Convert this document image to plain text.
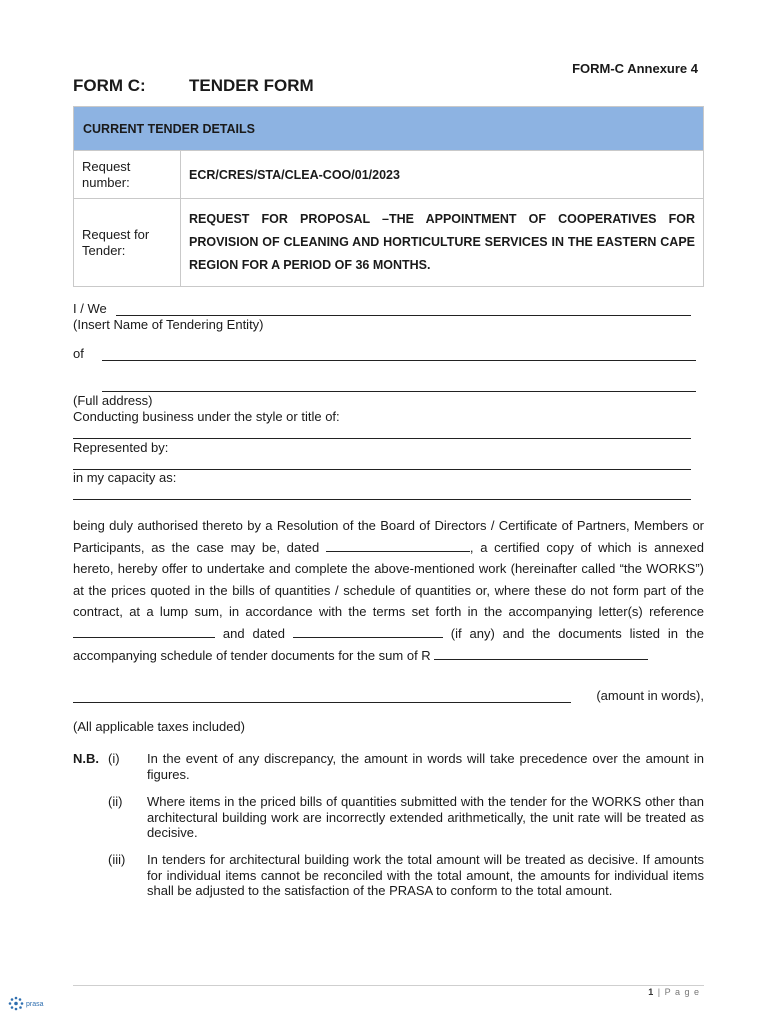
FORM-C Annexure 4
FORM C:	TENDER FORM
CURRENT TENDER DETAILS	
Request number:	ECR/CRES/STA/CLEA-COO/01/2023
Request for Tender:	REQUEST FOR PROPOSAL –THE APPOINTMENT OF COOPERATIVES FOR PROVISION OF CLEANING AND HORTICULTURE SERVICES IN THE EASTERN CAPE REGION FOR A PERIOD OF 36 MONTHS.
I / We
(Insert Name of Tendering Entity)
of
(Full address)
Conducting business under the style or title of:
Represented by:
in my capacity as:

being duly authorised thereto by a Resolution of the Board of Directors / Certificate of Partners, Members or Participants, as the case may be, dated	, a certified copy of which is annexed hereto, hereby offer to undertake and complete the above-mentioned work (hereinafter called “the WORKS”) at the prices quoted in the bills of quantities / schedule of quantities or, where these do not form part of the contract, at a lump sum, in accordance with the terms set forth in the accompanying letter(s) reference  and dated	(if any) and the documents listed in the accompanying schedule of tender documents for the sum of R

(amount in words),
(All applicable taxes included)
N.B. (i) In the event of any discrepancy, the amount in words will take precedence over the amount in figures.
(ii) Where items in the priced bills of quantities submitted with the tender for the WORKS other than architectural building work are incorrectly extended arithmetically, the unit rate will be treated as decisive.
(iii) In tenders for architectural building work the total amount will be treated as decisive. If amounts for individual items cannot be reconciled with the total amount, the amounts for individual items shall be adjusted to the satisfaction of the PRASA to conform to the total amount.
1 | P a g e
prasa
